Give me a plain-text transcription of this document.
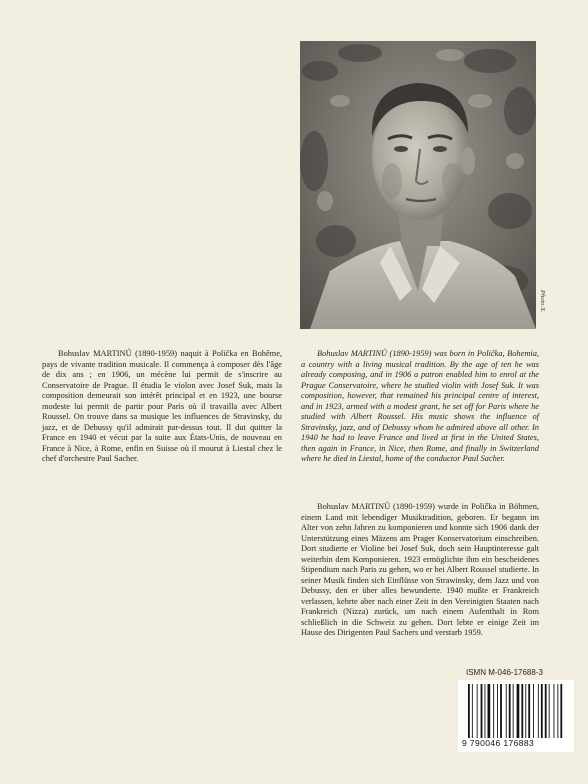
Photo X.

Bohuslav MARTINŮ (1890-1959) naquit à Polička en Bohême, pays de vivante tradition musicale. Il commença à composer dès l'âge de dix ans ; en 1906, un mécène lui permit de s'inscrire au Conservatoire de Prague. Il étudia le violon avec Josef Suk, mais la composition demeurait son intérêt principal et en 1923, une bourse modeste lui permit de partir pour Paris où il travailla avec Albert Roussel. On trouve dans sa musique les influences de Stravinsky, du jazz, et de Debussy qu'il admirait par-dessus tout. Il dut quitter la France en 1940 et vécut par la suite aux États-Unis, de nouveau en France à Nice, à Rome, enfin en Suisse où il mourut à Liestal chez le chef d'orchestre Paul Sacher.

Bohuslav MARTINŮ (1890-1959) was born in Polička, Bohemia, a country with a living musical tradition. By the age of ten he was already composing, and in 1906 a patron enabled him to enrol at the Prague Conservatoire, where he studied violin with Josef Suk. It was composition, however, that remained his principal centre of interest, and in 1923, armed with a modest grant, he set off for Paris where he studied with Albert Roussel. His music shows the influence of Stravinsky, jazz, and of Debussy whom he admired above all other. In 1940 he had to leave France and lived at first in the United States, then again in France, in Nice, then Rome, and finally in Switzerland where he died in Liestal, home of the conductor Paul Sacher.

Bohuslav MARTINŮ (1890-1959) wurde in Polička in Böhmen, einem Land mit lebendiger Musiktradition, geboren. Er begann im Alter von zehn Jahren zu komponieren und konnte sich 1906 dank der Unterstützung eines Mäzens am Prager Konservatorium einschreiben. Dort studierte er Violine bei Josef Suk, doch sein Hauptinteresse galt weiterhin dem Komponieren. 1923 ermöglichte ihm ein bescheidenes Stipendium nach Paris zu gehen, wo er bei Albert Roussel studierte. In seiner Musik finden sich Einflüsse von Strawinsky, dem Jazz und von Debussy, den er über alles bewunderte. 1940 mußte er Frankreich verlassen, kehrte aber nach einer Zeit in den Vereinigten Staaten nach Frankreich (Nizza) zurück, um nach einem Aufenthalt in Rom schließlich in die Schweiz zu gehen. Dort lebte er einige Zeit im Hause des Dirigenten Paul Sachers und verstarb 1959.

ISMN M-046-17688-3
9 790046 176883
